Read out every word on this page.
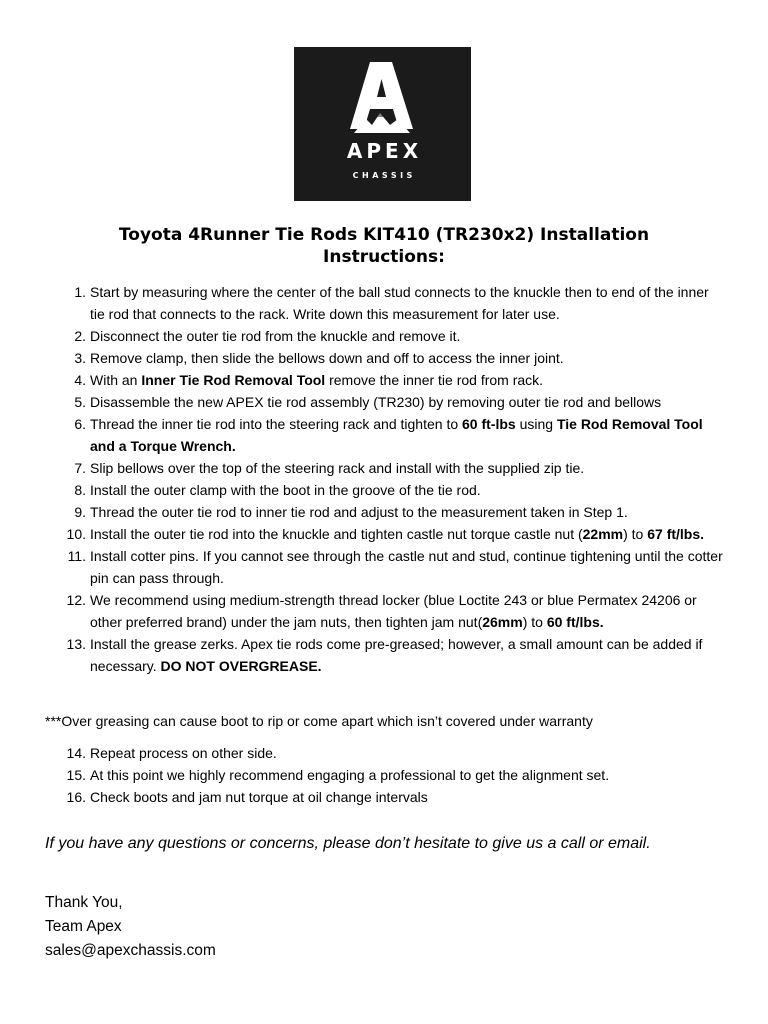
APEX
CHASSIS
Toyota 4Runner Tie Rods KIT410 (TR230x2) Installation Instructions:
1. Start by measuring where the center of the ball stud connects to the knuckle then to end of the inner tie rod that connects to the rack. Write down this measurement for later use.
2. Disconnect the outer tie rod from the knuckle and remove it.
3. Remove clamp, then slide the bellows down and off to access the inner joint.
4. With an Inner Tie Rod Removal Tool remove the inner tie rod from rack.
5. Disassemble the new APEX tie rod assembly (TR230) by removing outer tie rod and bellows
6. Thread the inner tie rod into the steering rack and tighten to 60 ft-lbs using Tie Rod Removal Tool and a Torque Wrench.
7. Slip bellows over the top of the steering rack and install with the supplied zip tie.
8. Install the outer clamp with the boot in the groove of the tie rod.
9. Thread the outer tie rod to inner tie rod and adjust to the measurement taken in Step 1.
10. Install the outer tie rod into the knuckle and tighten castle nut torque castle nut (22mm) to 67 ft/lbs.
11. Install cotter pins. If you cannot see through the castle nut and stud, continue tightening until the cotter pin can pass through.
12. We recommend using medium-strength thread locker (blue Loctite 243 or blue Permatex 24206 or other preferred brand) under the jam nuts, then tighten jam nut(26mm) to 60 ft/lbs.
13. Install the grease zerks. Apex tie rods come pre-greased; however, a small amount can be added if necessary. DO NOT OVERGREASE.
***Over greasing can cause boot to rip or come apart which isn’t covered under warranty
14. Repeat process on other side.
15. At this point we highly recommend engaging a professional to get the alignment set.
16. Check boots and jam nut torque at oil change intervals
If you have any questions or concerns, please don’t hesitate to give us a call or email.
Thank You,
Team Apex
sales@apexchassis.com
